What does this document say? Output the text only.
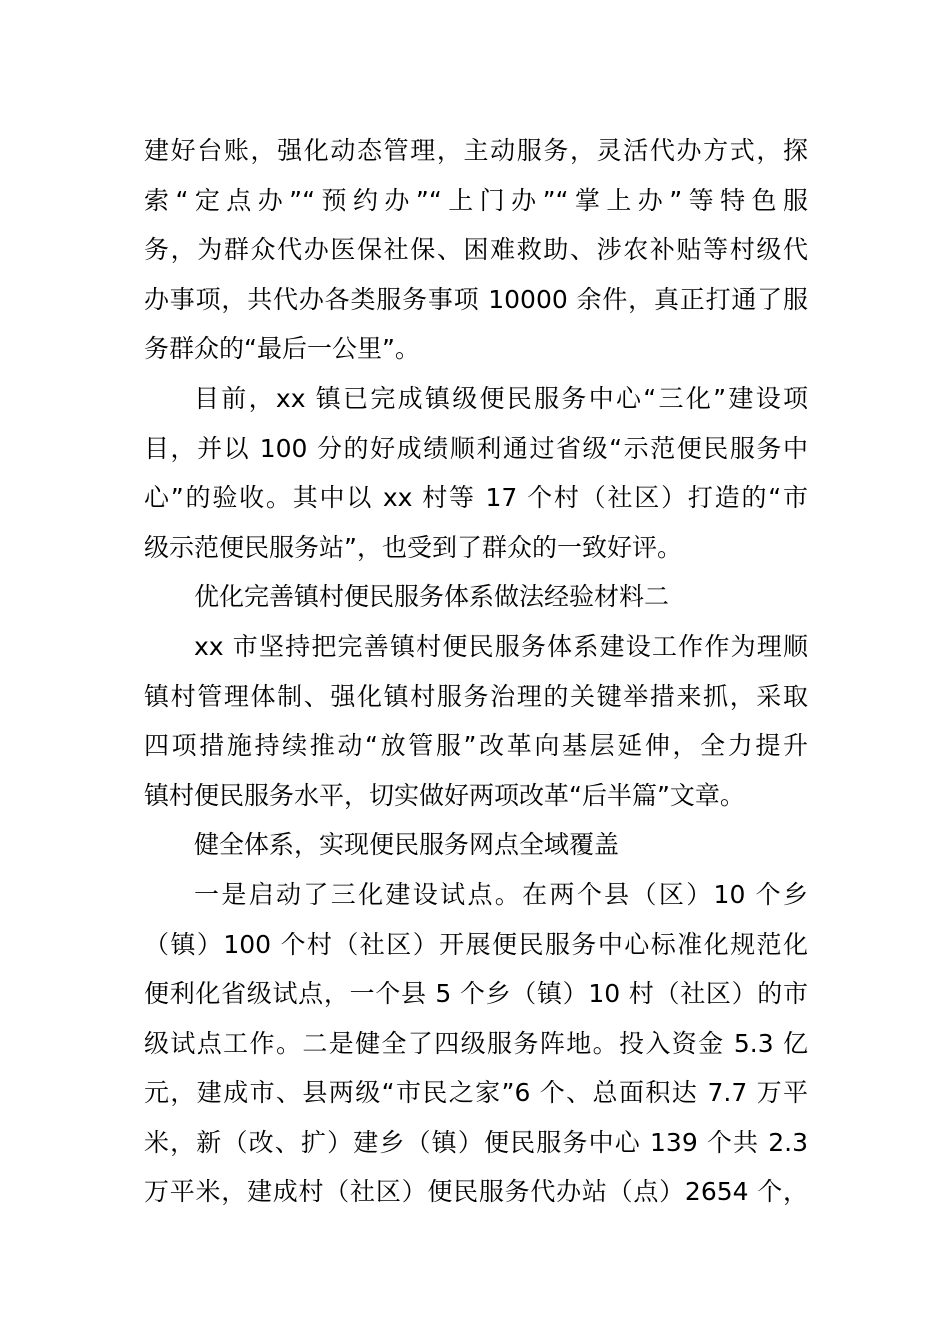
建好台账，强化动态管理，主动服务，灵活代办方式，探
索“定点办”“预约办”“上门办”“掌上办”等特色服
务，为群众代办医保社保、困难救助、涉农补贴等村级代
办事项，共代办各类服务事项 10000 余件，真正打通了服
务群众的“最后一公里”。
目前，xx 镇已完成镇级便民服务中心“三化”建设项
目，并以 100 分的好成绩顺利通过省级“示范便民服务中
心”的验收。其中以 xx 村等 17 个村（社区）打造的“市
级示范便民服务站”，也受到了群众的一致好评。
优化完善镇村便民服务体系做法经验材料二
xx 市坚持把完善镇村便民服务体系建设工作作为理顺
镇村管理体制、强化镇村服务治理的关键举措来抓，采取
四项措施持续推动“放管服”改革向基层延伸，全力提升
镇村便民服务水平，切实做好两项改革“后半篇”文章。
健全体系，实现便民服务网点全域覆盖
一是启动了三化建设试点。在两个县（区）10 个乡
（镇）100 个村（社区）开展便民服务中心标准化规范化
便利化省级试点，一个县 5 个乡（镇）10 村（社区）的市
级试点工作。二是健全了四级服务阵地。投入资金 5.3 亿
元，建成市、县两级“市民之家”6 个、总面积达 7.7 万平
米，新（改、扩）建乡（镇）便民服务中心 139 个共 2.3
万平米，建成村（社区）便民服务代办站（点）2654 个，
